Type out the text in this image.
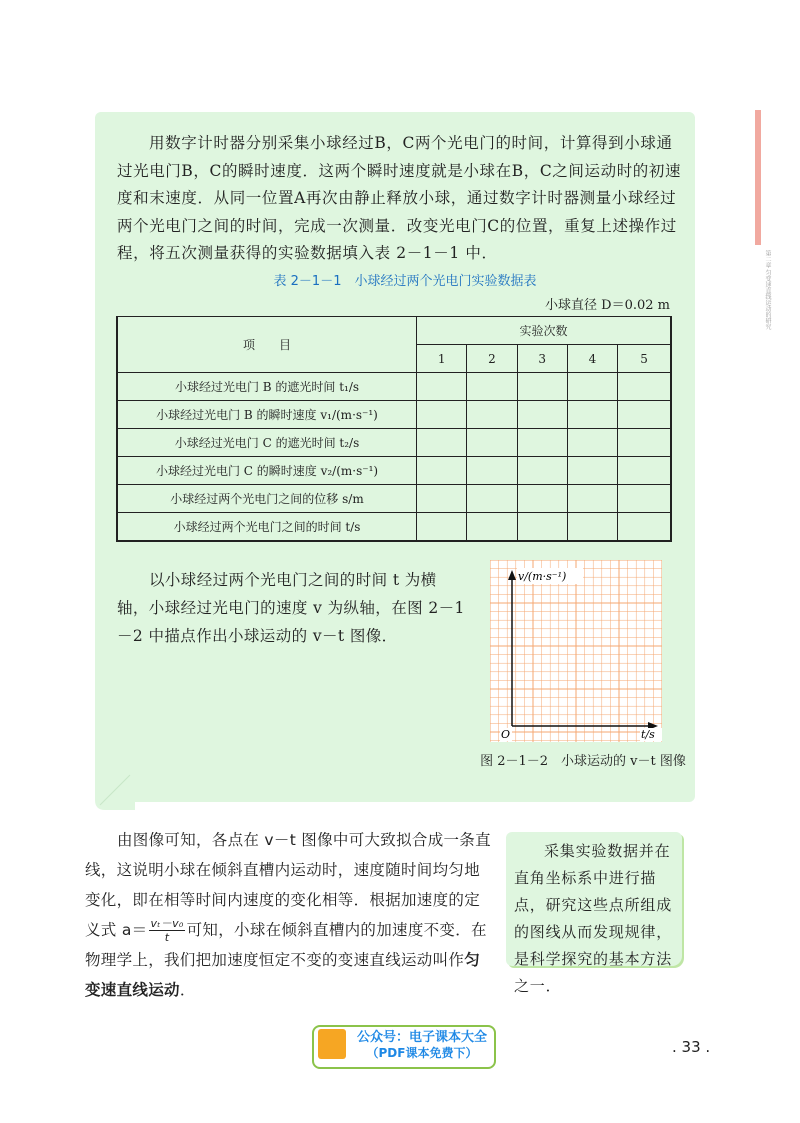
第二章 匀变速直线运动的研究

用数字计时器分别采集小球经过B，C两个光电门的时间，计算得到小球通过光电门B，C的瞬时速度．这两个瞬时速度就是小球在B，C之间运动时的初速度和末速度．从同一位置A再次由静止释放小球，通过数字计时器测量小球经过两个光电门之间的时间，完成一次测量．改变光电门C的位置，重复上述操作过程，将五次测量获得的实验数据填入表 2－1－1 中．

表 2－1－1　小球经过两个光电门实验数据表

小球直径 D＝0.02 m

项　　目	实验次数				
	1	2	3	4	5
小球经过光电门 B 的遮光时间 t₁/s					
小球经过光电门 B 的瞬时速度 v₁/(m·s⁻¹)					
小球经过光电门 C 的遮光时间 t₂/s					
小球经过光电门 C 的瞬时速度 v₂/(m·s⁻¹)					
小球经过两个光电门之间的位移 s/m					
小球经过两个光电门之间的时间 t/s					

以小球经过两个光电门之间的时间 t 为横轴，小球经过光电门的速度 v 为纵轴，在图 2－1－2 中描点作出小球运动的 v－t 图像．

v/(m·s⁻¹)
O	t/s

图 2－1－2　小球运动的 v－t 图像

由图像可知，各点在 v－t 图像中可大致拟合成一条直线，这说明小球在倾斜直槽内运动时，速度随时间均匀地变化，即在相等时间内速度的变化相等．根据加速度的定义式 $a= \frac{\text{vₜ－v₀}}{t}$ 可知，小球在倾斜直槽内的加速度不变．在物理学上，我们把加速度恒定不变的变速直线运动叫作匀变速直线运动．

采集实验数据并在直角坐标系中进行描点，研究这些点所组成的图线从而发现规律，是科学探究的基本方法之一．

公众号：电子课本大全

（PDF课本免费下）	. 33 .
